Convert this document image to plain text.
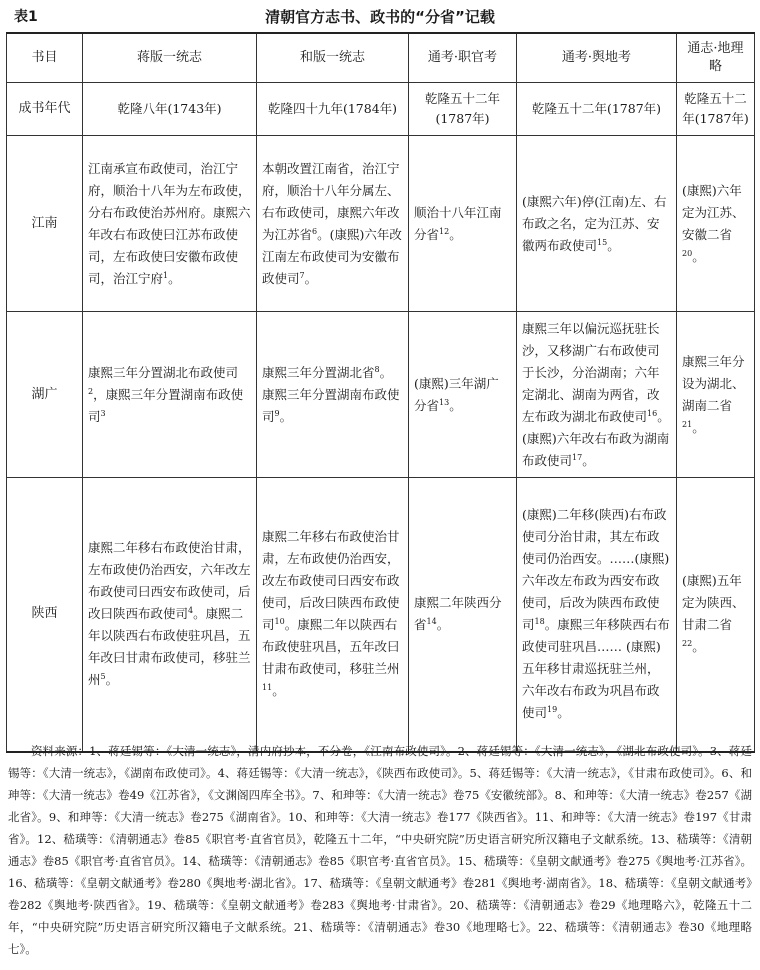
表1	清朝官方志书、政书的“分省”记载
书目	蒋版一统志	和版一统志	通考·职官考	通考·舆地考	通志·地理略
成书年代	乾隆八年(1743年)	乾隆四十九年(1784年)	乾隆五十二年(1787年)	乾隆五十二年(1787年)	乾隆五十二年(1787年)
江南	江南承宣布政使司，治江宁府，顺治十八年为左布政使，分右布政使治苏州府。康熙六年改右布政使曰江苏布政使司，左布政使曰安徽布政使司，治江宁府$^1$。	本朝改置江南省，治江宁府，顺治十八年分属左、右布政使司，康熙六年改为江苏省$^6$。(康熙)六年改江南左布政使司为安徽布政使司$^7$。	顺治十八年江南分省$^{12}$。	(康熙六年)停(江南)左、右布政之名，定为江苏、安徽两布政使司$^{15}$。	(康熙)六年定为江苏、安徽二省$^{20}$。
湖广	康熙三年分置湖北布政使司$^2$，康熙三年分置湖南布政使司$^3$	康熙三年分置湖北省$^8$。康熙三年分置湖南布政使司$^9$。	(康熙)三年湖广分省$^{13}$。	康熙三年以偏沅巡抚驻长沙，又移湖广右布政使司于长沙，分治湖南；六年定湖北、湖南为两省，改左布政为湖北布政使司$^{16}$。(康熙)六年改右布政为湖南布政使司$^{17}$。	康熙三年分设为湖北、湖南二省$^{21}$。
陕西	康熙二年移右布政使治甘肃，左布政使仍治西安，六年改左布政使司曰西安布政使司，后改曰陕西布政使司$^4$。康熙二年以陕西右布政使驻巩昌，五年改曰甘肃布政使司，移驻兰州$^5$。	康熙二年移右布政使治甘肃，左布政使仍治西安，改左布政使司曰西安布政使司，后改曰陕西布政使司$^{10}$。康熙二年以陕西右布政使驻巩昌，五年改曰甘肃布政使司，移驻兰州$^{11}$。	康熙二年陕西分省$^{14}$。	(康熙)二年移(陕西)右布政使司分治甘肃，其左布政使司仍治西安。……(康熙)六年改左布政为西安布政使司，后改为陕西布政使司$^{18}$。康熙三年移陕西右布政使司驻巩昌…… (康熙)五年移甘肃巡抚驻兰州，六年改右布政为巩昌布政使司$^{19}$。	(康熙)五年定为陕西、甘肃二省$^{22}$。
资料来源：1、蒋廷锡等：《大清一统志》，清内府抄本，不分卷，《江南布政使司》。2、蒋廷锡等：《大清一统志》，《湖北布政使司》。3、蒋廷锡等：《大清一统志》，《湖南布政使司》。4、蒋廷锡等：《大清一统志》，《陕西布政使司》。5、蒋廷锡等：《大清一统志》，《甘肃布政使司》。6、和珅等：《大清一统志》卷49《江苏省》，《文渊阁四库全书》。7、和珅等：《大清一统志》卷75《安徽统部》。8、和珅等：《大清一统志》卷257《湖北省》。9、和珅等：《大清一统志》卷275《湖南省》。10、和珅等：《大清一统志》卷177《陕西省》。11、和珅等：《大清一统志》卷197《甘肃省》。12、嵇璜等：《清朝通志》卷85《职官考·直省官员》，乾隆五十二年，“中央研究院”历史语言研究所汉籍电子文献系统。13、嵇璜等：《清朝通志》卷85《职官考·直省官员》。14、嵇璜等：《清朝通志》卷85《职官考·直省官员》。15、嵇璜等：《皇朝文献通考》卷275《舆地考·江苏省》。16、嵇璜等：《皇朝文献通考》卷280《舆地考·湖北省》。17、嵇璜等：《皇朝文献通考》卷281《舆地考·湖南省》。18、嵇璜等：《皇朝文献通考》卷282《舆地考·陕西省》。19、嵇璜等：《皇朝文献通考》卷283《舆地考·甘肃省》。20、嵇璜等：《清朝通志》卷29《地理略六》，乾隆五十二年，“中央研究院”历史语言研究所汉籍电子文献系统。21、嵇璜等：《清朝通志》卷30《地理略七》。22、嵇璜等：《清朝通志》卷30《地理略七》。
